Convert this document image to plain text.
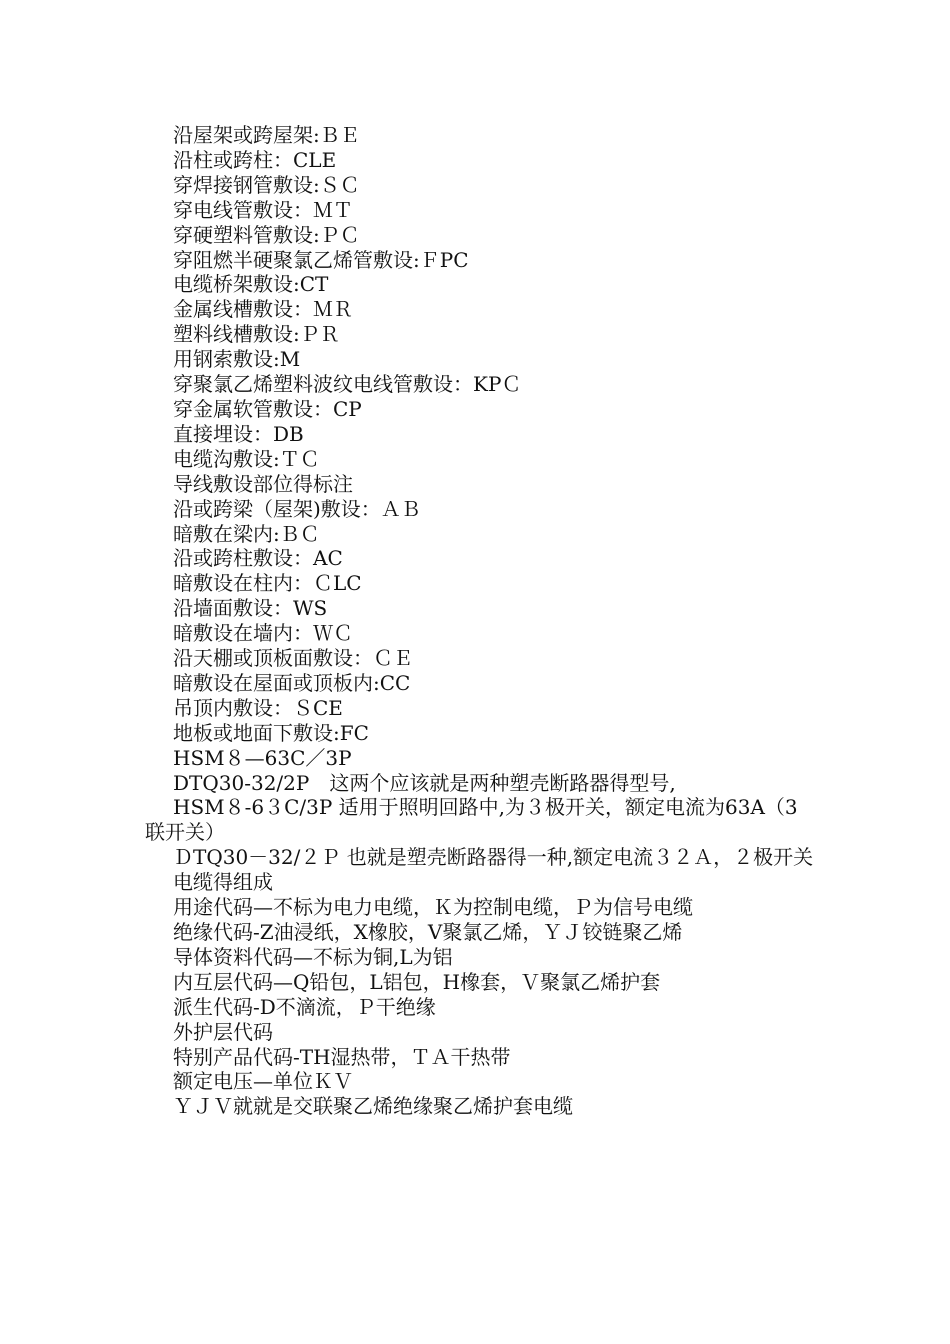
沿屋架或跨屋架:ＢＥ

沿柱或跨柱：CLE

穿焊接钢管敷设:ＳＣ

穿电线管敷设：ＭＴ

穿硬塑料管敷设:ＰＣ

穿阻燃半硬聚氯乙烯管敷设:ＦPC

电缆桥架敷设:CT

金属线槽敷设：ＭＲ

塑料线槽敷设:ＰＲ

用钢索敷设:M

穿聚氯乙烯塑料波纹电线管敷设：KPＣ

穿金属软管敷设：CP

直接埋设：DB

电缆沟敷设:ＴＣ

导线敷设部位得标注

沿或跨梁（屋架)敷设：ＡＢ

暗敷在梁内:ＢＣ

沿或跨柱敷设：AC

暗敷设在柱内：ＣLC

沿墙面敷设：WS

暗敷设在墙内：ＷＣ

沿天棚或顶板面敷设：ＣＥ

暗敷设在屋面或顶板内:CC

吊顶内敷设：ＳCE

地板或地面下敷设:FC

HSM８—63C／3P

DTQ30-32/2P　这两个应该就是两种塑壳断路器得型号,

HSM８-6３C/3P 适用于照明回路中,为３极开关，额定电流为63A（3联开关）

ＤTQ30－32/２Ｐ 也就是塑壳断路器得一种,额定电流３２Ａ，２极开关

电缆得组成

用途代码—不标为电力电缆，Ｋ为控制电缆，Ｐ为信号电缆

绝缘代码-Z油浸纸，X橡胶，V聚氯乙烯，ＹＪ铰链聚乙烯

导体资料代码—不标为铜,L为铝

内互层代码—Q铅包，L铝包，H橡套，Ｖ聚氯乙烯护套

派生代码-D不滴流，Ｐ干绝缘

外护层代码

特别产品代码-TH湿热带，ＴＡ干热带

额定电压—单位ＫＶ

ＹＪＶ就就是交联聚乙烯绝缘聚乙烯护套电缆
